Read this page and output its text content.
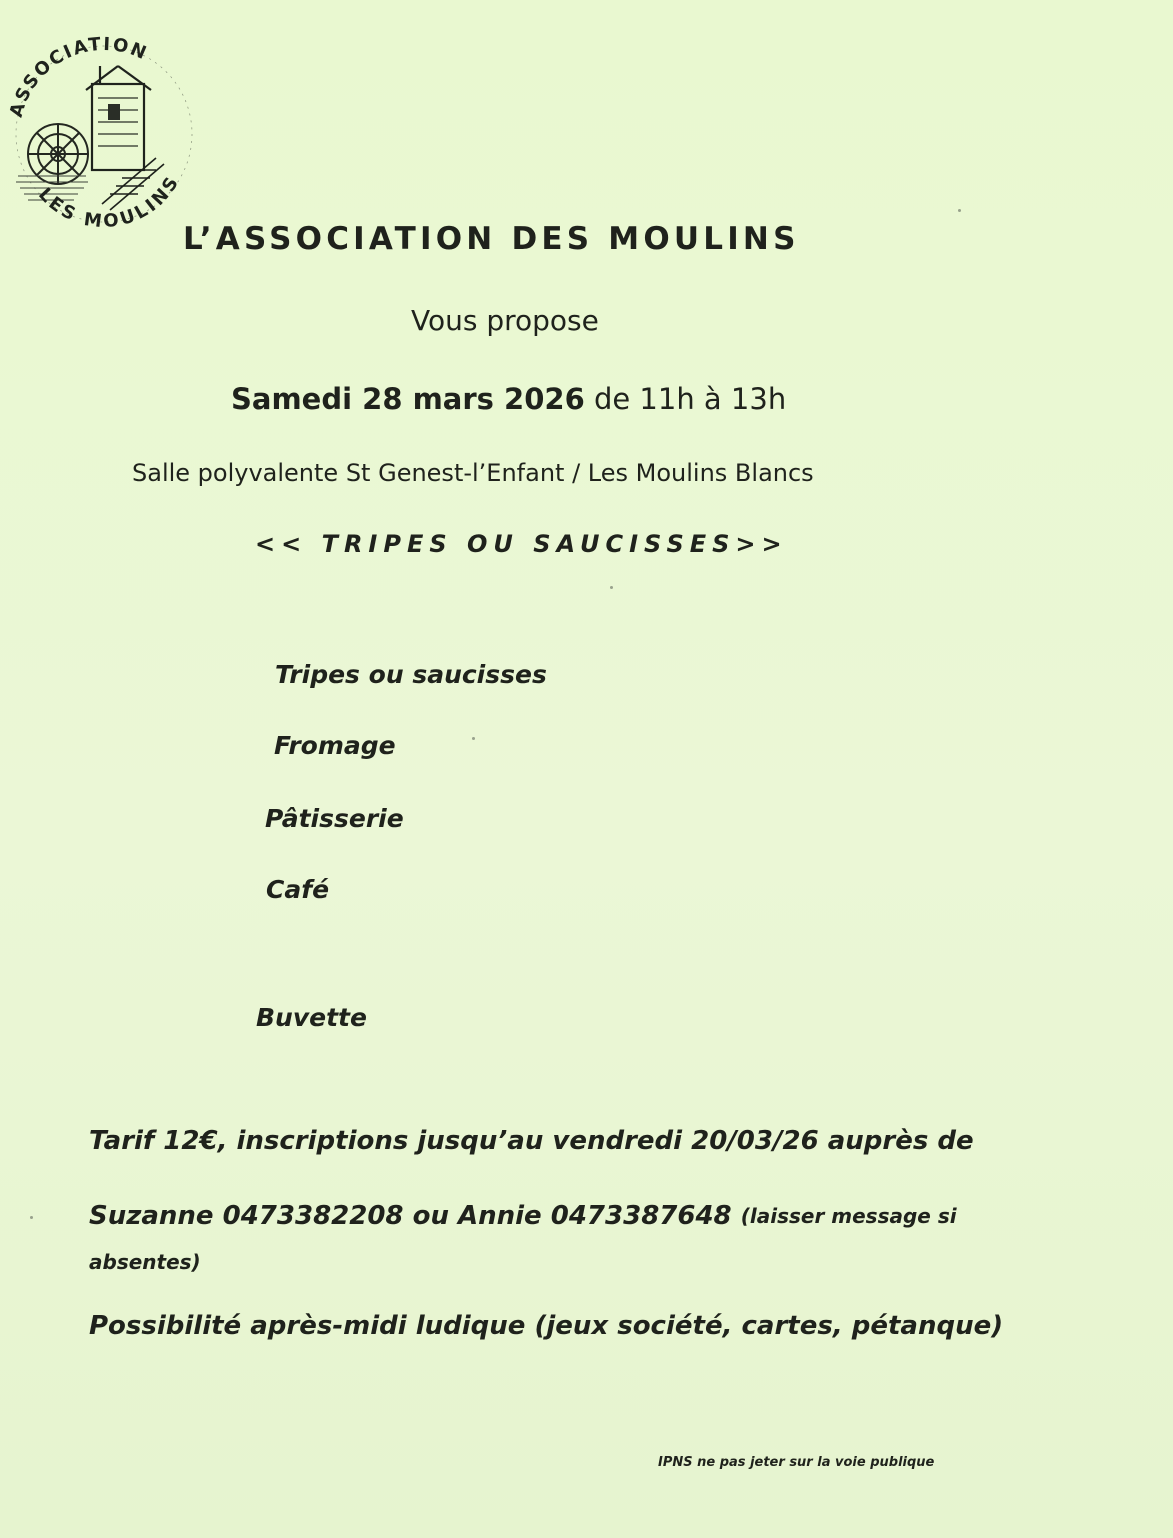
ASSOCIATION
LES MOULINS
L’ASSOCIATION DES MOULINS
Vous propose
Samedi 28 mars 2026 de 11h à 13h
Salle polyvalente St Genest-l’Enfant / Les Moulins Blancs
<< TRIPES OU SAUCISSES>>
Tripes ou saucisses
Fromage
Pâtisserie
Café
Buvette
Tarif 12€, inscriptions jusqu’au vendredi 20/03/26 auprès de
Suzanne 0473382208 ou Annie 0473387648 (laisser message si
absentes)
Possibilité après-midi ludique (jeux société, cartes, pétanque)
IPNS ne pas jeter sur la voie publique
